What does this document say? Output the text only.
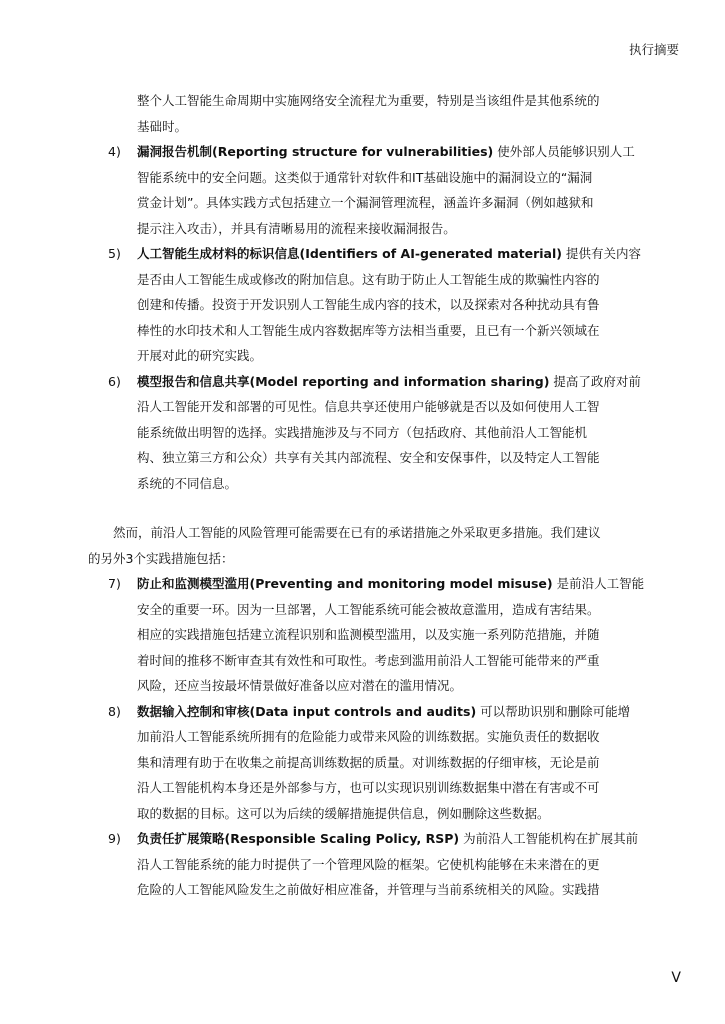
执行摘要
整个人工智能生命周期中实施网络安全流程尤为重要，特别是当该组件是其他系统的
基础时。
4) 漏洞报告机制(Reporting structure for vulnerabilities) 使外部人员能够识别人工
智能系统中的安全问题。这类似于通常针对软件和IT基础设施中的漏洞设立的“漏洞
赏金计划”。具体实践方式包括建立一个漏洞管理流程，涵盖许多漏洞（例如越狱和
提示注入攻击），并具有清晰易用的流程来接收漏洞报告。
5) 人工智能生成材料的标识信息(Identifiers of AI-generated material) 提供有关内容
是否由人工智能生成或修改的附加信息。这有助于防止人工智能生成的欺骗性内容的
创建和传播。投资于开发识别人工智能生成内容的技术，以及探索对各种扰动具有鲁
棒性的水印技术和人工智能生成内容数据库等方法相当重要，且已有一个新兴领域在
开展对此的研究实践。
6) 模型报告和信息共享(Model reporting and information sharing) 提高了政府对前
沿人工智能开发和部署的可见性。信息共享还使用户能够就是否以及如何使用人工智
能系统做出明智的选择。实践措施涉及与不同方（包括政府、其他前沿人工智能机
构、独立第三方和公众）共享有关其内部流程、安全和安保事件，以及特定人工智能
系统的不同信息。
然而，前沿人工智能的风险管理可能需要在已有的承诺措施之外采取更多措施。我们建议
的另外3个实践措施包括：
7) 防止和监测模型滥用(Preventing and monitoring model misuse) 是前沿人工智能
安全的重要一环。因为一旦部署，人工智能系统可能会被故意滥用，造成有害结果。
相应的实践措施包括建立流程识别和监测模型滥用，以及实施一系列防范措施，并随
着时间的推移不断审查其有效性和可取性。考虑到滥用前沿人工智能可能带来的严重
风险，还应当按最坏情景做好准备以应对潜在的滥用情况。
8) 数据输入控制和审核(Data input controls and audits) 可以帮助识别和删除可能增
加前沿人工智能系统所拥有的危险能力或带来风险的训练数据。实施负责任的数据收
集和清理有助于在收集之前提高训练数据的质量。对训练数据的仔细审核，无论是前
沿人工智能机构本身还是外部参与方，也可以实现识别训练数据集中潜在有害或不可
取的数据的目标。这可以为后续的缓解措施提供信息，例如删除这些数据。
9) 负责任扩展策略(Responsible Scaling Policy, RSP) 为前沿人工智能机构在扩展其前
沿人工智能系统的能力时提供了一个管理风险的框架。它使机构能够在未来潜在的更
危险的人工智能风险发生之前做好相应准备，并管理与当前系统相关的风险。实践措
V
